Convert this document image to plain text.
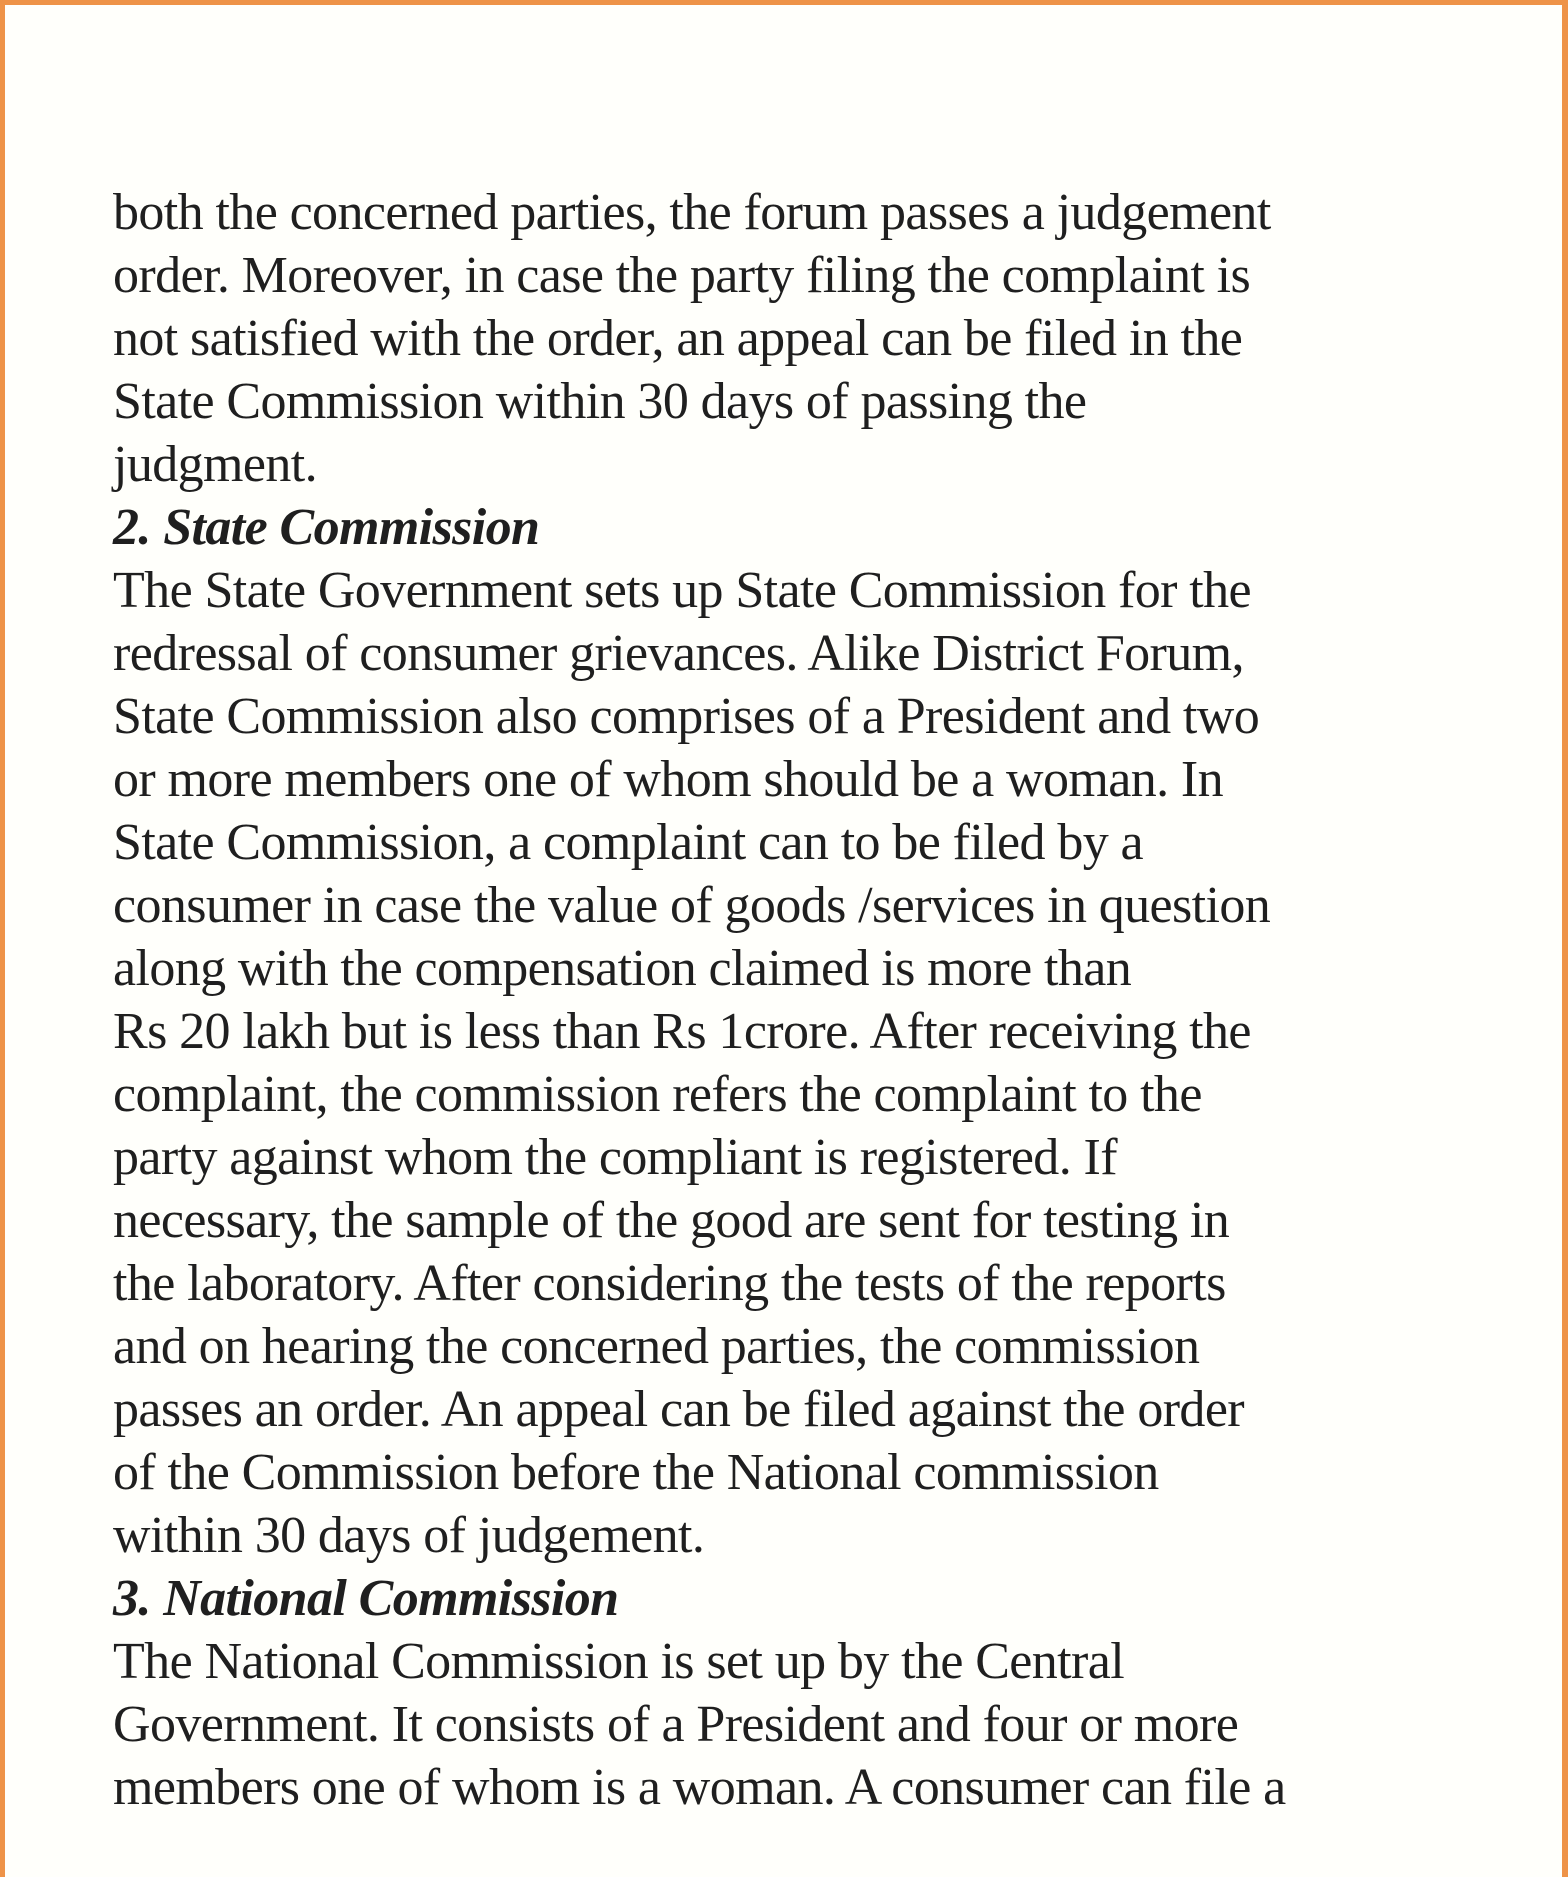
both the concerned parties, the forum passes a judgement
order. Moreover, in case the party filing the complaint is
not satisfied with the order, an appeal can be filed in the
State Commission within 30 days of passing the
judgment.
2. State Commission
The State Government sets up State Commission for the
redressal of consumer grievances. Alike District Forum,
State Commission also comprises of a President and two
or more members one of whom should be a woman. In
State Commission, a complaint can to be filed by a
consumer in case the value of goods /services in question
along with the compensation claimed is more than
Rs 20 lakh but is less than Rs 1crore. After receiving the
complaint, the commission refers the complaint to the
party against whom the compliant is registered. If
necessary, the sample of the good are sent for testing in
the laboratory. After considering the tests of the reports
and on hearing the concerned parties, the commission
passes an order. An appeal can be filed against the order
of the Commission before the National commission
within 30 days of judgement.
3. National Commission
The National Commission is set up by the Central
Government. It consists of a President and four or more
members one of whom is a woman. A consumer can file a
